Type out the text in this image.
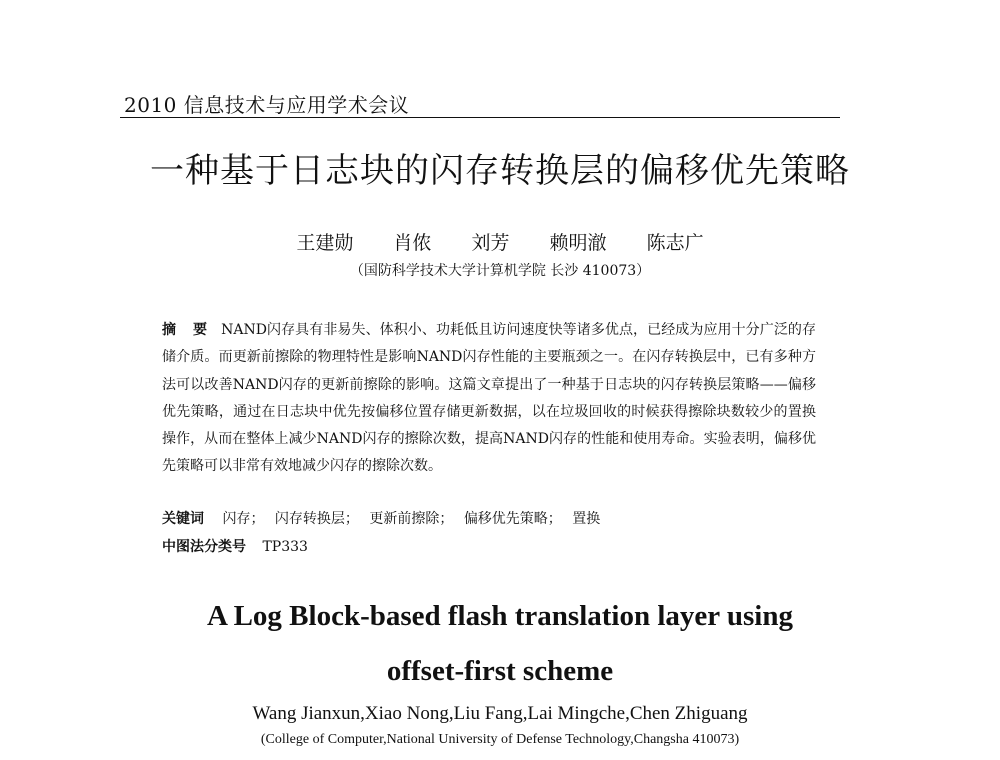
2010 信息技术与应用学术会议
一种基于日志块的闪存转换层的偏移优先策略
王建勋 肖侬 刘芳 赖明澈 陈志广
（国防科学技术大学计算机学院 长沙 410073）
摘 要 NAND闪存具有非易失、体积小、功耗低且访问速度快等诸多优点，已经成为应用十分广泛的存储介质。而更新前擦除的物理特性是影响NAND闪存性能的主要瓶颈之一。在闪存转换层中，已有多种方法可以改善NAND闪存的更新前擦除的影响。这篇文章提出了一种基于日志块的闪存转换层策略——偏移优先策略，通过在日志块中优先按偏移位置存储更新数据，以在垃圾回收的时候获得擦除块数较少的置换操作，从而在整体上减少NAND闪存的擦除次数，提高NAND闪存的性能和使用寿命。实验表明，偏移优先策略可以非常有效地减少闪存的擦除次数。
关键词 闪存； 闪存转换层； 更新前擦除； 偏移优先策略； 置换
中图法分类号 TP333
A Log Block-based flash translation layer using
offset-first scheme
Wang Jianxun,Xiao Nong,Liu Fang,Lai Mingche,Chen Zhiguang
(College of Computer,National University of Defense Technology,Changsha 410073)
